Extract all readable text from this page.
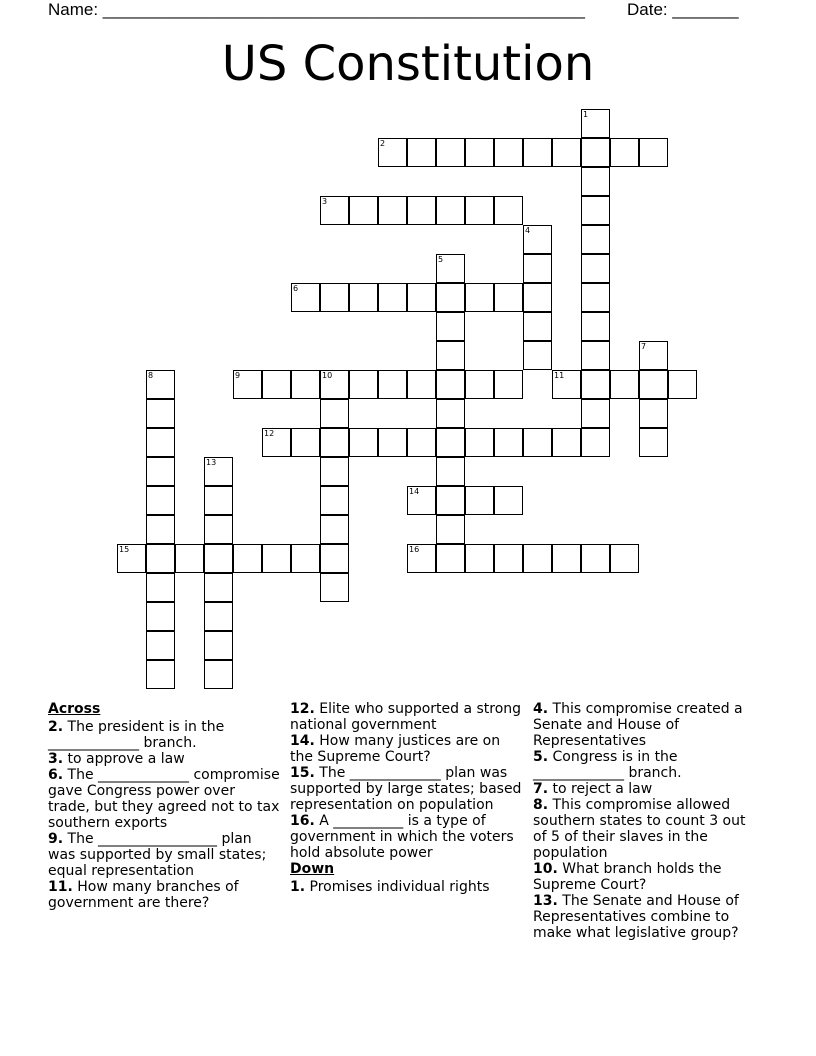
Name: ___________________________________________________ Date: _______
US Constitution
1
2
3
4
5
6
7
8	9	10	11
12
13
14
15	16
Across
2. The president is in the _____________ branch.
3. to approve a law
6. The _____________ compromise gave Congress power over trade, but they agreed not to tax southern exports
9. The _________________ plan was supported by small states; equal representation
11. How many branches of government are there?
12. Elite who supported a strong national government
14. How many justices are on the Supreme Court?
15. The _____________ plan was supported by large states; based representation on population
16. A __________ is a type of government in which the voters hold absolute power
Down
1. Promises individual rights
4. This compromise created a Senate and House of Representatives
5. Congress is in the _____________ branch.
7. to reject a law
8. This compromise allowed southern states to count 3 out of 5 of their slaves in the population
10. What branch holds the Supreme Court?
13. The Senate and House of Representatives combine to make what legislative group?
